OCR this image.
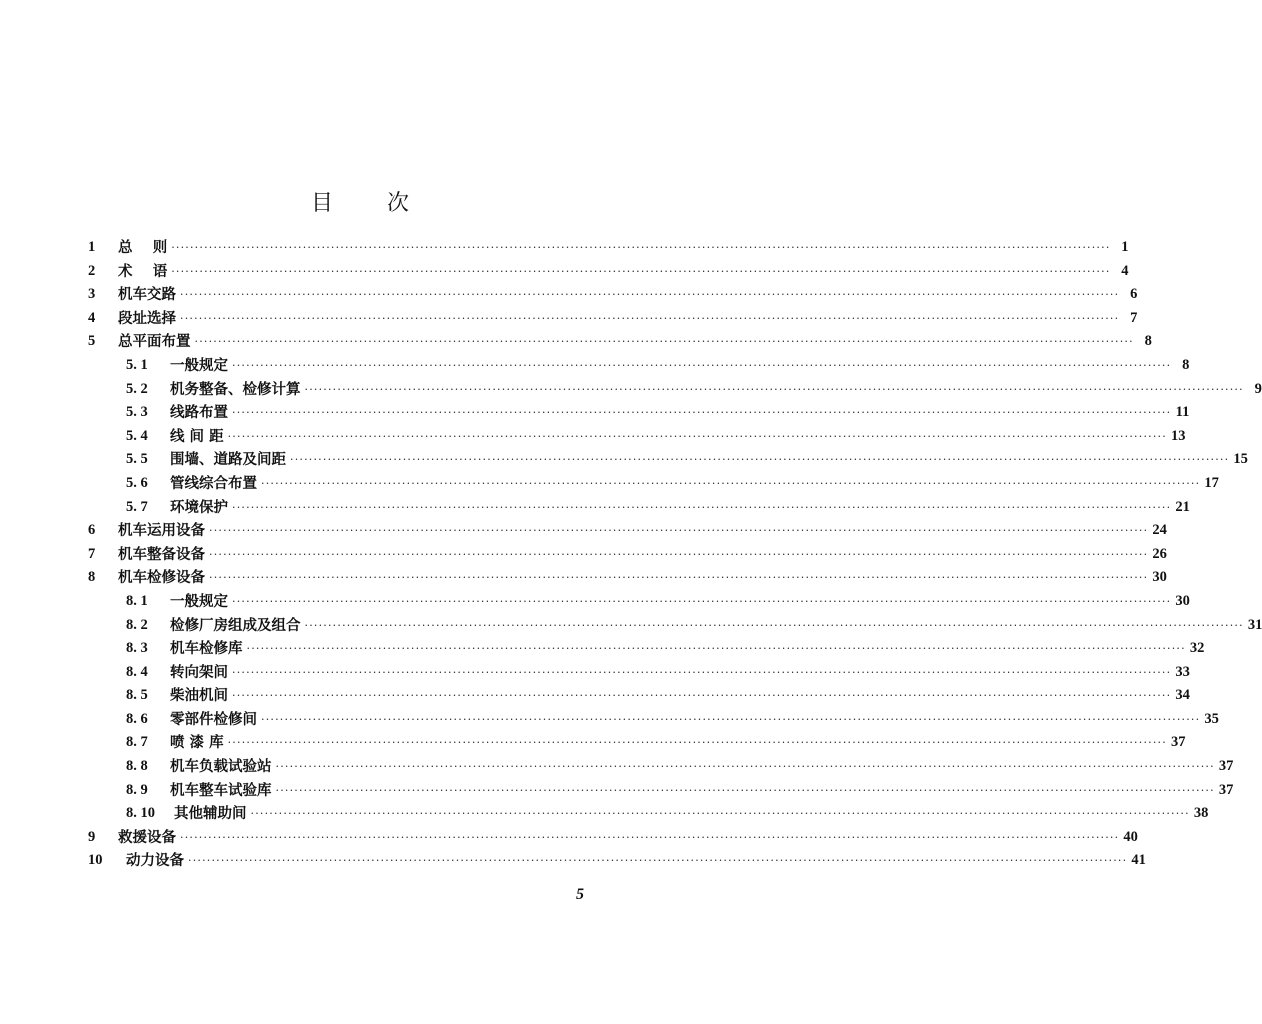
目 次
1	总    则 ········································································································································································································ 1
2	术    语 ········································································································································································································ 4
3	机车交路 ········································································································································································································ 6
4	段址选择 ········································································································································································································ 7
5	总平面布置 ········································································································································································································ 8
5. 1	一般规定 ········································································································································································································ 8
5. 2	机务整备、检修计算 ········································································································································································································ 9
5. 3	线路布置 ········································································································································································································ 11
5. 4	线 间 距 ········································································································································································································ 13
5. 5	围墙、道路及间距 ········································································································································································································ 15
5. 6	管线综合布置 ········································································································································································································ 17
5. 7	环境保护 ········································································································································································································ 21
6	机车运用设备 ········································································································································································································ 24
7	机车整备设备 ········································································································································································································ 26
8	机车检修设备 ········································································································································································································ 30
8. 1	一般规定 ········································································································································································································ 30
8. 2	检修厂房组成及组合 ········································································································································································································ 31
8. 3	机车检修库 ········································································································································································································ 32
8. 4	转向架间 ········································································································································································································ 33
8. 5	柴油机间 ········································································································································································································ 34
8. 6	零部件检修间 ········································································································································································································ 35
8. 7	喷 漆 库 ········································································································································································································ 37
8. 8	机车负载试验站 ········································································································································································································ 37
8. 9	机车整车试验库 ········································································································································································································ 37
8. 10	其他辅助间 ········································································································································································································ 38
9	救援设备 ········································································································································································································ 40
10	动力设备 ········································································································································································································ 41
5
